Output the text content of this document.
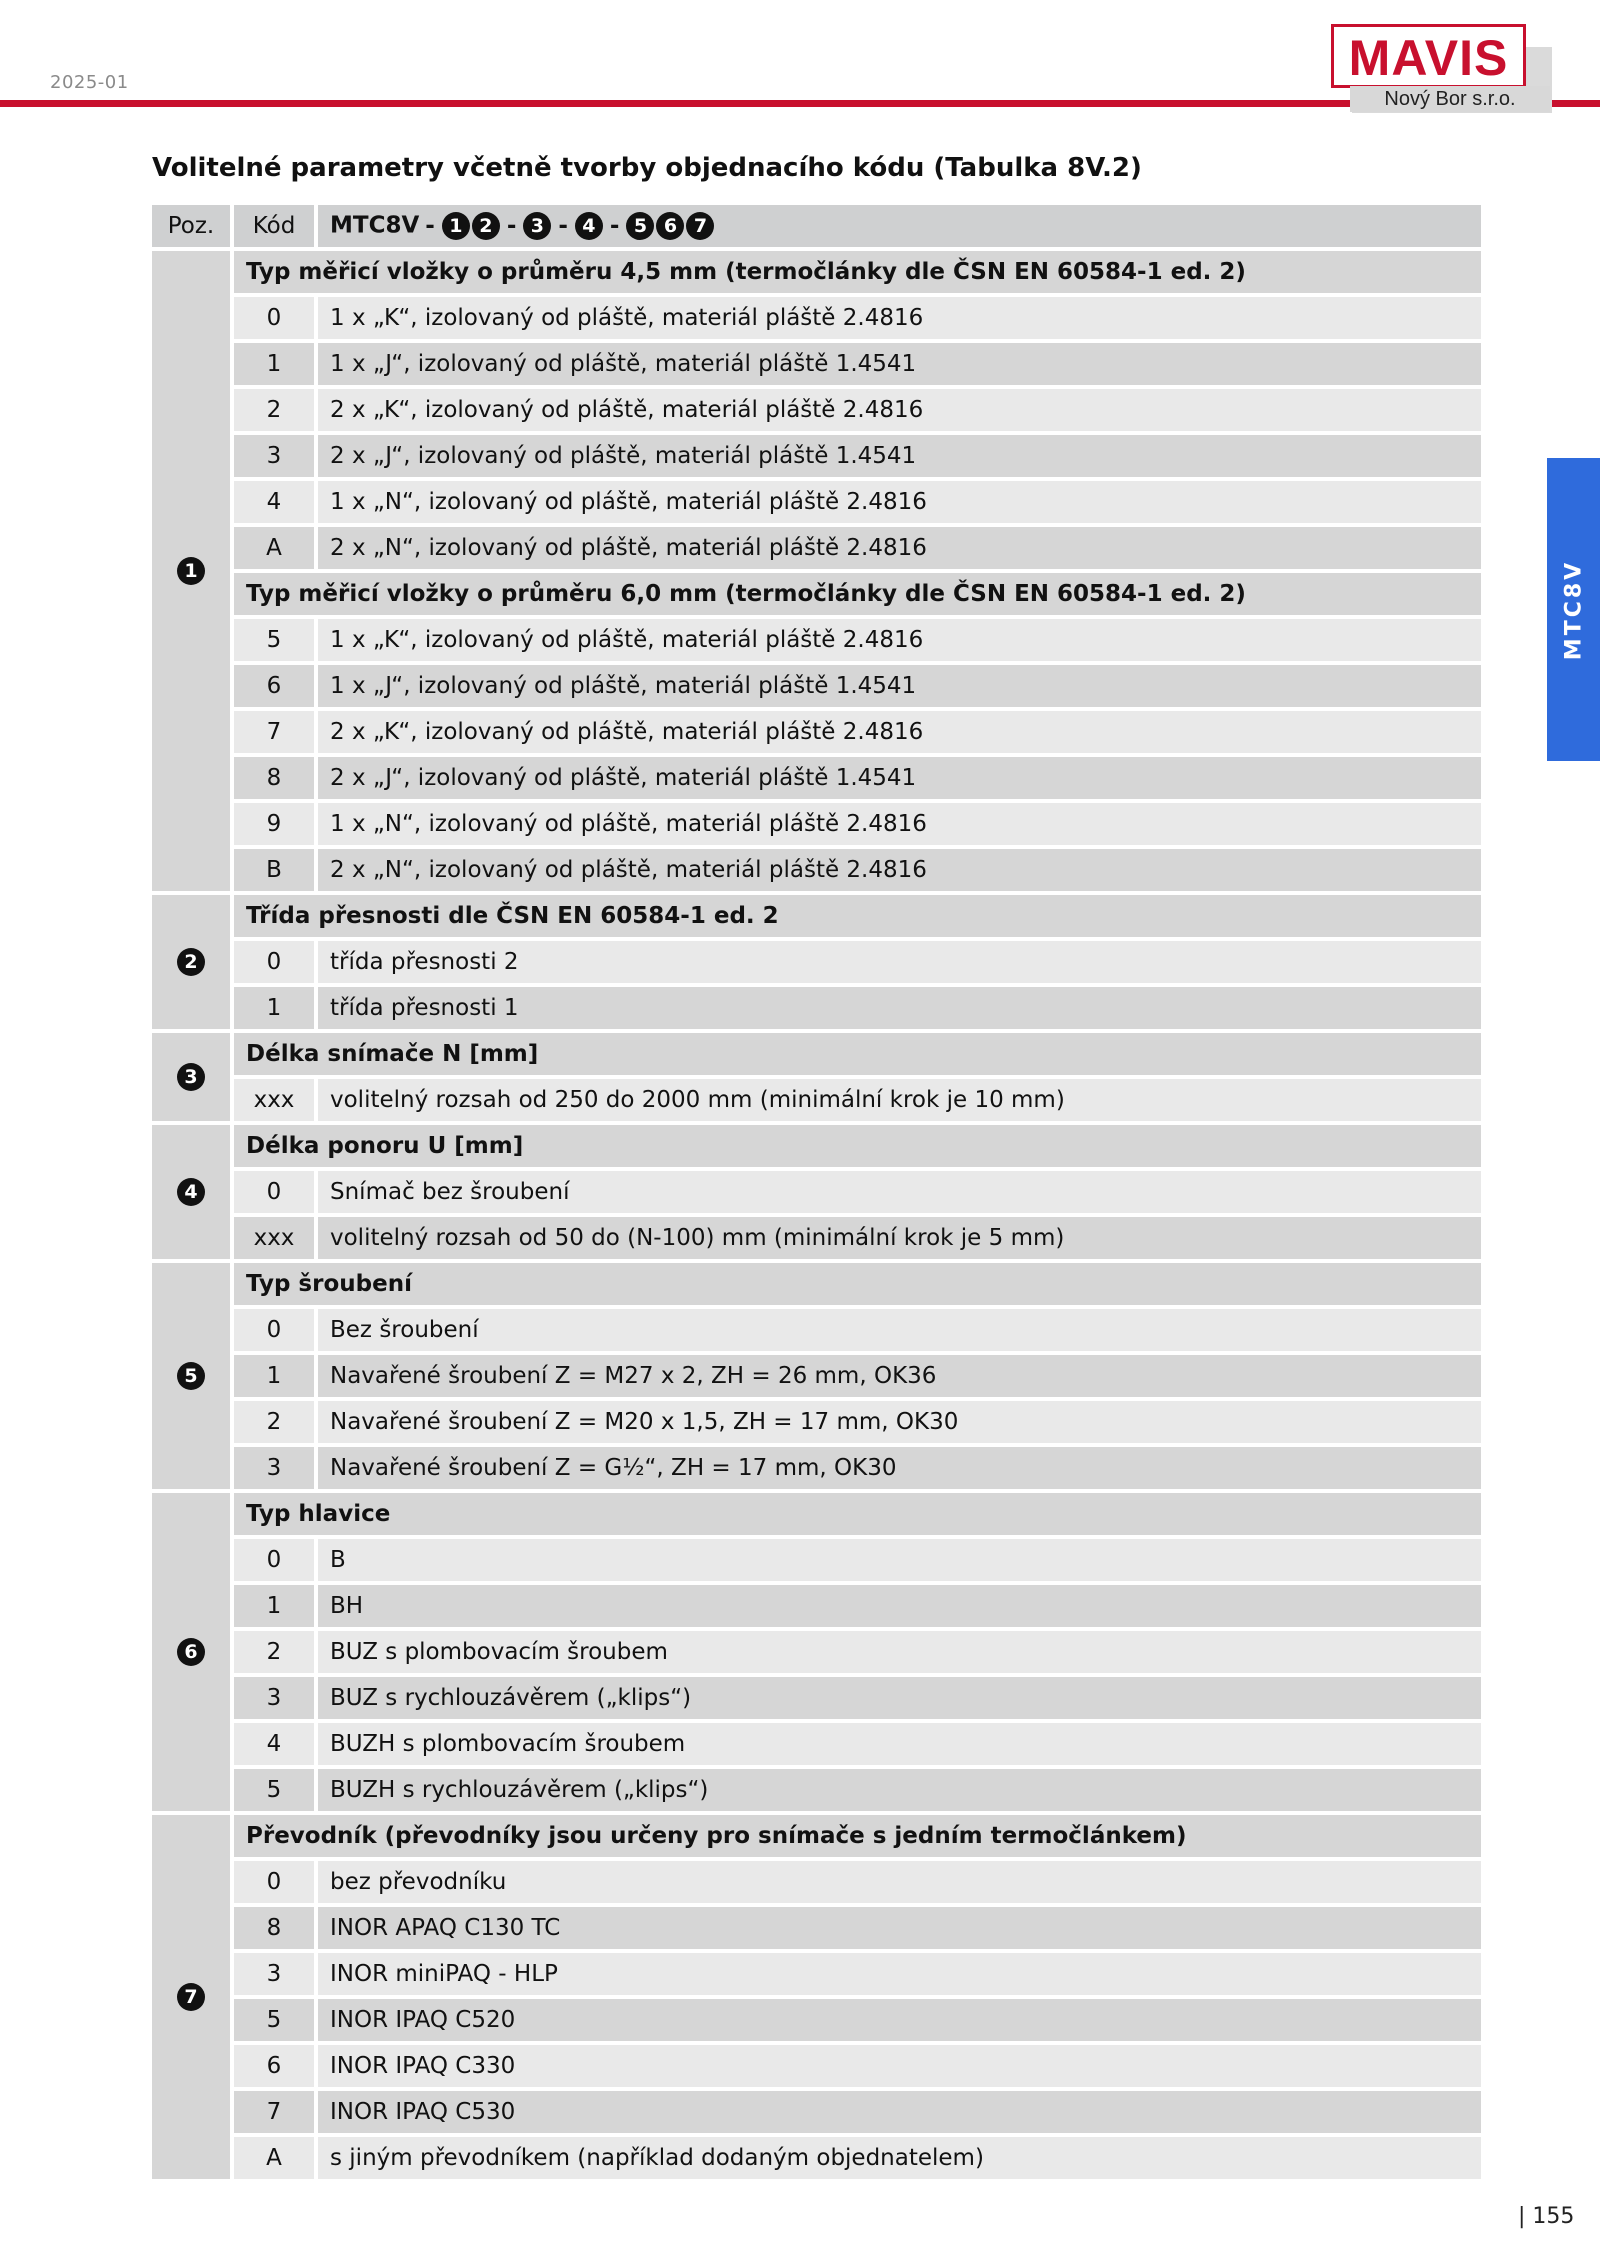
2025-01	MAVIS
Nový Bor s.r.o.
MTC8V
Volitelné parametry včetně tvorby objednacího kódu (Tabulka 8V.2)
Poz.	Kód	MTC8V - 1 2 - 3 - 4 - 5 6 7
1	Typ měřicí vložky o průměru 4,5 mm (termočlánky dle ČSN EN 60584-1 ed. 2)	
	0	1 x „K“, izolovaný od pláště, materiál pláště 2.4816
	1	1 x „J“, izolovaný od pláště, materiál pláště 1.4541
	2	2 x „K“, izolovaný od pláště, materiál pláště 2.4816
	3	2 x „J“, izolovaný od pláště, materiál pláště 1.4541
	4	1 x „N“, izolovaný od pláště, materiál pláště 2.4816
	A	2 x „N“, izolovaný od pláště, materiál pláště 2.4816
	Typ měřicí vložky o průměru 6,0 mm (termočlánky dle ČSN EN 60584-1 ed. 2)	
	5	1 x „K“, izolovaný od pláště, materiál pláště 2.4816
	6	1 x „J“, izolovaný od pláště, materiál pláště 1.4541
	7	2 x „K“, izolovaný od pláště, materiál pláště 2.4816
	8	2 x „J“, izolovaný od pláště, materiál pláště 1.4541
	9	1 x „N“, izolovaný od pláště, materiál pláště 2.4816
	B	2 x „N“, izolovaný od pláště, materiál pláště 2.4816
2	Třída přesnosti dle ČSN EN 60584-1 ed. 2	
	0	třída přesnosti 2
	1	třída přesnosti 1
3	Délka snímače N [mm]	
	xxx	volitelný rozsah od 250 do 2000 mm (minimální krok je 10 mm)
4	Délka ponoru U [mm]	
	0	Snímač bez šroubení
	xxx	volitelný rozsah od 50 do (N-100) mm (minimální krok je 5 mm)
5	Typ šroubení	
	0	Bez šroubení
	1	Navařené šroubení Z = M27 x 2, ZH = 26 mm, OK36
	2	Navařené šroubení Z = M20 x 1,5, ZH = 17 mm, OK30
	3	Navařené šroubení Z = G½“, ZH = 17 mm, OK30
6	Typ hlavice	
	0	B
	1	BH
	2	BUZ s plombovacím šroubem
	3	BUZ s rychlouzávěrem („klips“)
	4	BUZH s plombovacím šroubem
	5	BUZH s rychlouzávěrem („klips“)
7	Převodník (převodníky jsou určeny pro snímače s jedním termočlánkem)	
	0	bez převodníku
	8	INOR APAQ C130 TC
	3	INOR miniPAQ - HLP
	5	INOR IPAQ C520
	6	INOR IPAQ C330
	7	INOR IPAQ C530
	A	s jiným převodníkem (například dodaným objednatelem)
| 155
